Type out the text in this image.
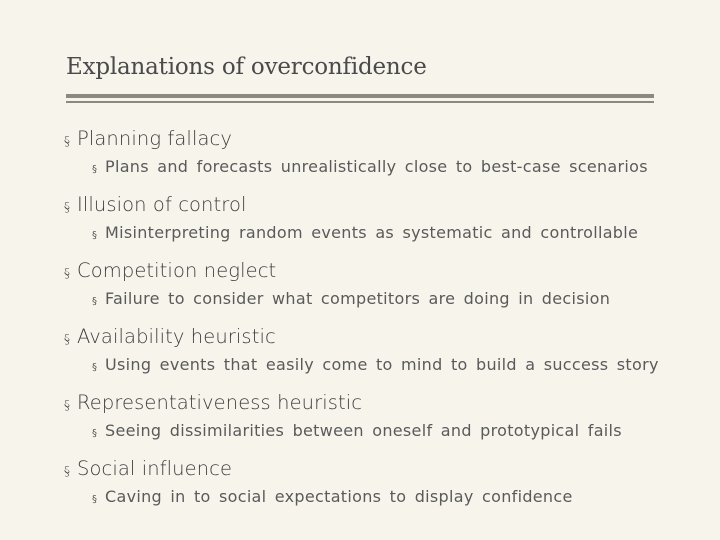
Explanations of overconfidence
§ Planning fallacy
§ Plans and forecasts unrealistically close to best-case scenarios
§ Illusion of control
§ Misinterpreting random events as systematic and controllable
§ Competition neglect
§ Failure to consider what competitors are doing in decision
§ Availability heuristic
§ Using events that easily come to mind to build a success story
§ Representativeness heuristic
§ Seeing dissimilarities between oneself and prototypical fails
§ Social influence
§ Caving in to social expectations to display confidence
